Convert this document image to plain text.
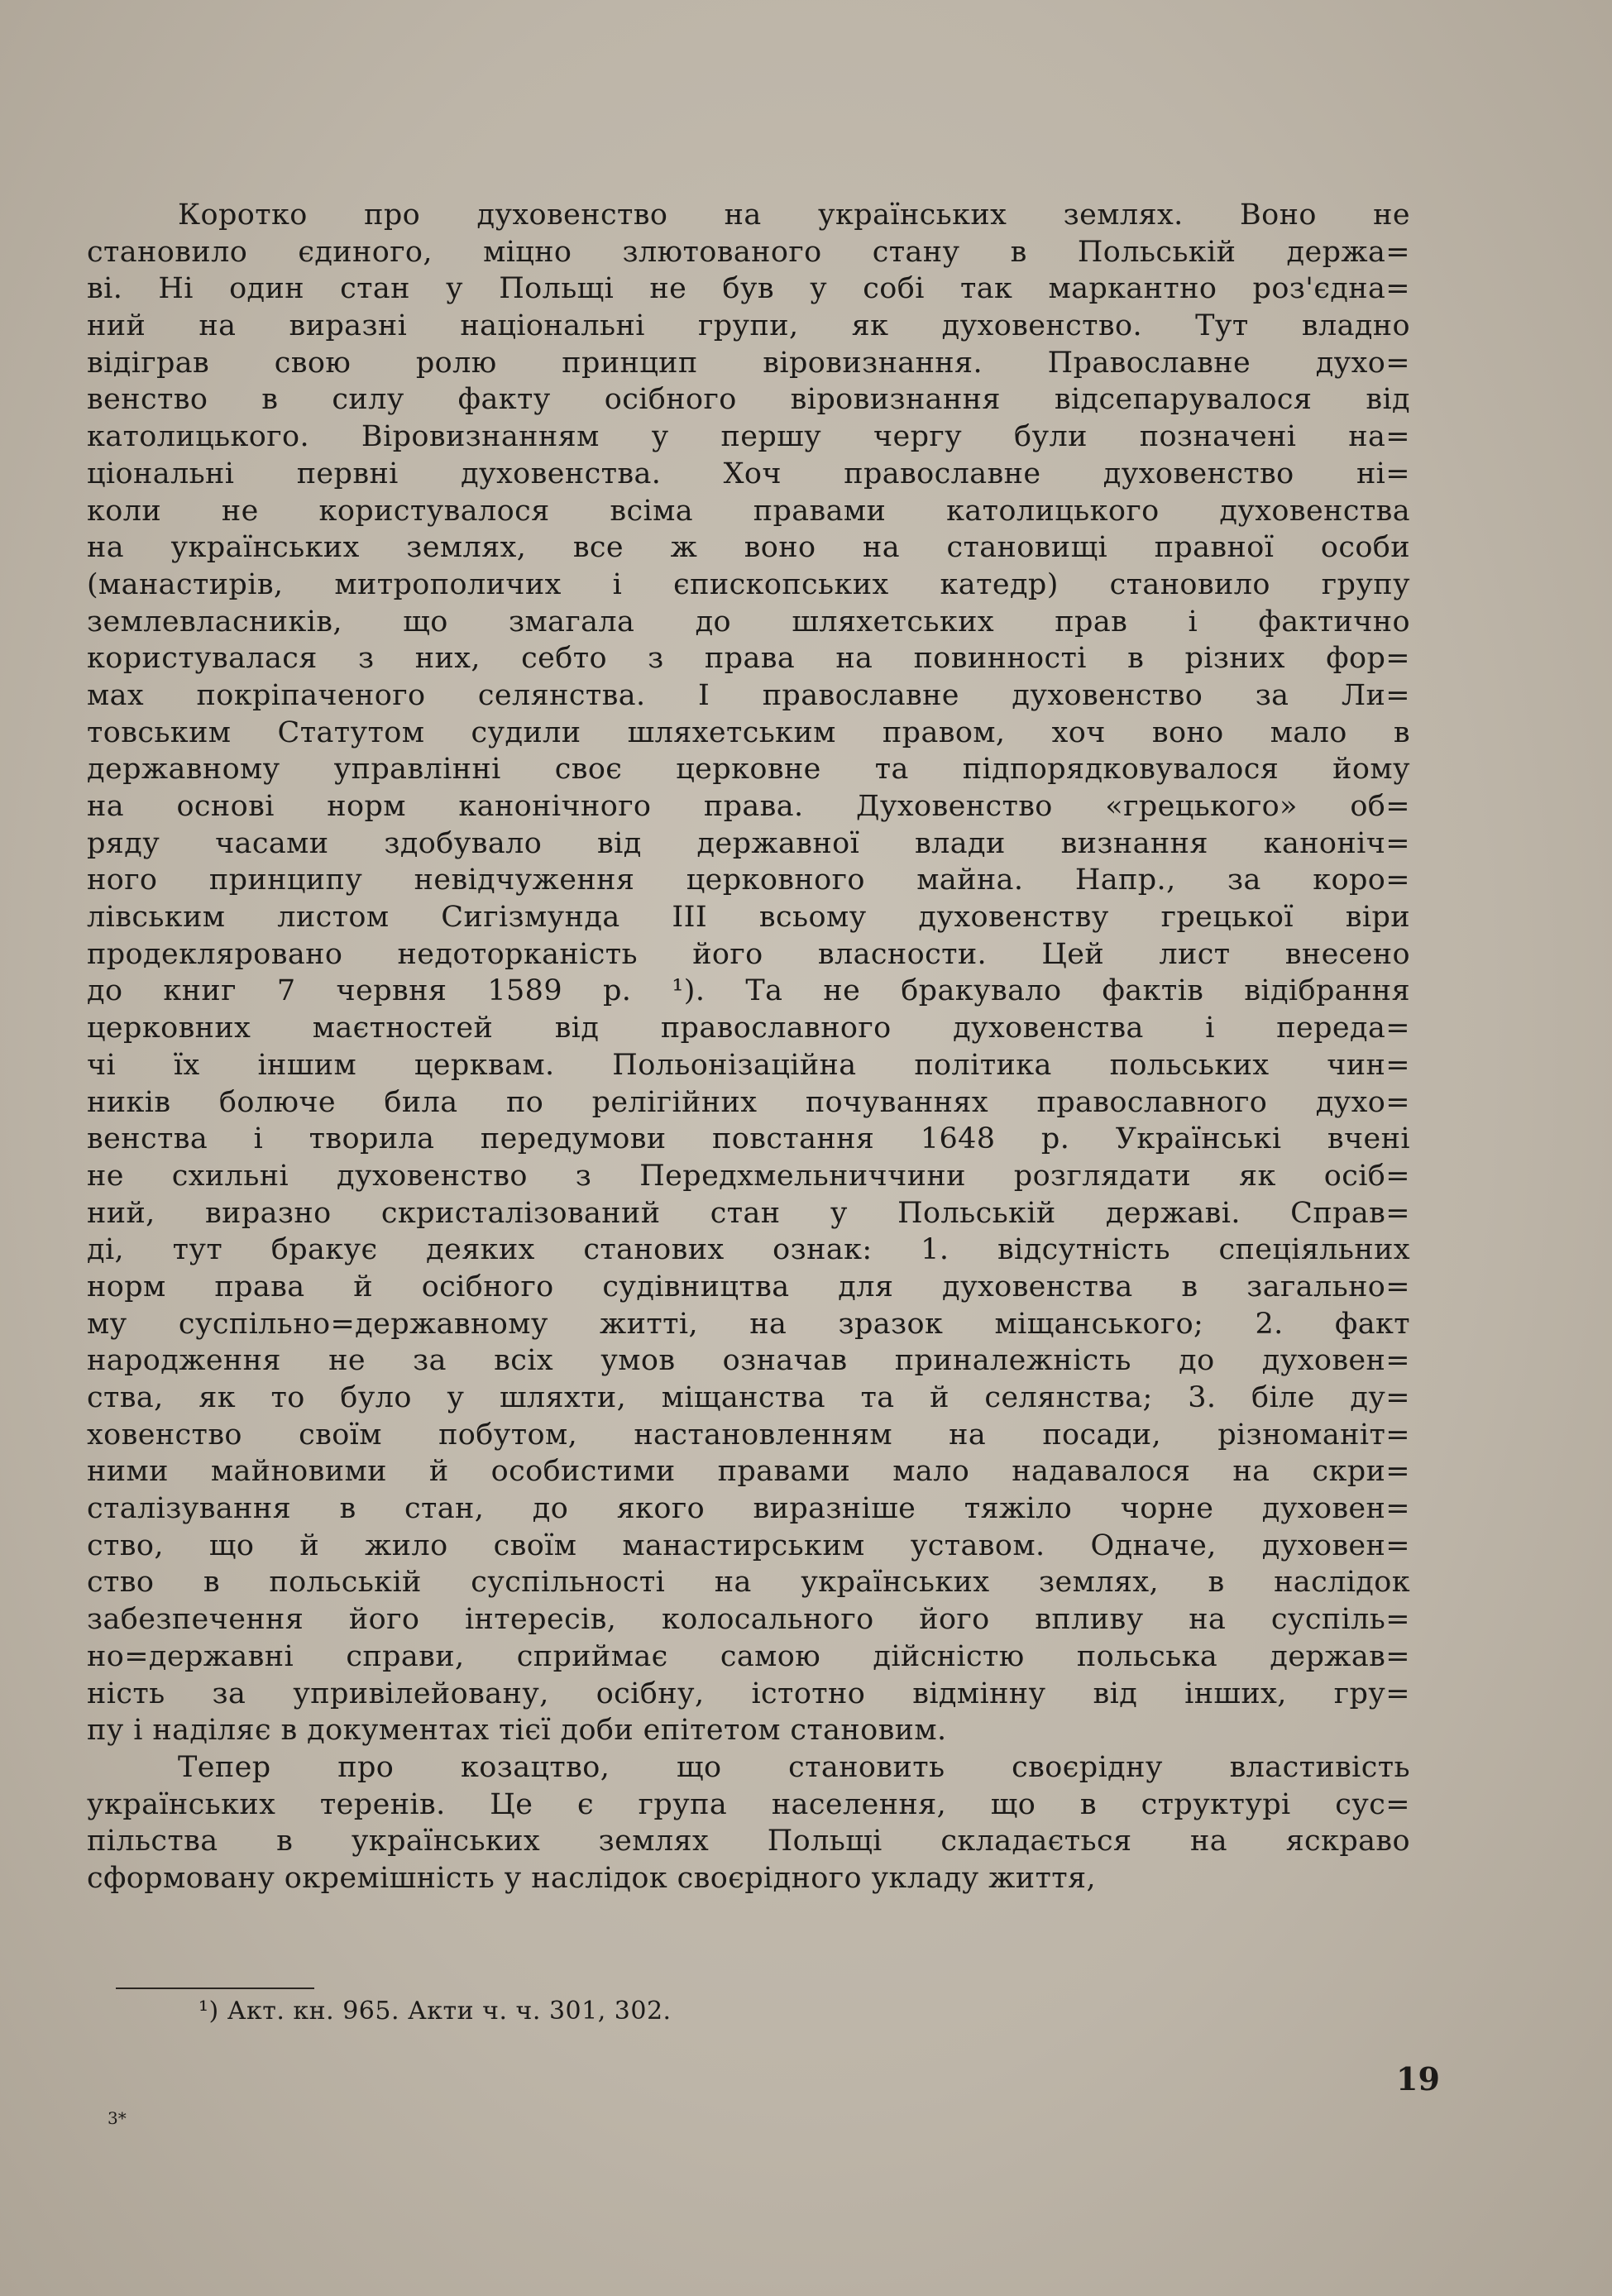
Коротко про духовенство на українських землях. Воно не
становило єдиного, міцно злютованого стану в Польській держа=
ві. Ні один стан у Польщі не був у собі так маркантно роз'єдна=
ний на виразні національні групи, як духовенство. Тут владно
відіграв свою ролю принцип віровизнання. Православне духо=
венство в силу факту осібного віровизнання відсепарувалося від
католицького. Віровизнанням у першу чергу були позначені на=
ціональні первні духовенства. Хоч православне духовенство ні=
коли не користувалося всіма правами католицького духовенства
на українських землях, все ж воно на становищі правної особи
(манастирів, митрополичих і єпископських катедр) становило групу
землевласників, що змагала до шляхетських прав і фактично
користувалася з них, себто з права на повинності в різних фор=
мах покріпаченого селянства. І православне духовенство за Ли=
товським Статутом судили шляхетським правом, хоч воно мало в
державному управлінні своє церковне та підпорядковувалося йому
на основі норм канонічного права. Духовенство «грецького» об=
ряду часами здобувало від державної влади визнання каноніч=
ного принципу невідчуження церковного майна. Напр., за коро=
лівським листом Сигізмунда III всьому духовенству грецької віри
продекляровано недоторканість його власности. Цей лист внесено
до книг 7 червня 1589 р. ¹). Та не бракувало фактів відібрання
церковних маєтностей від православного духовенства і переда=
чі їх іншим церквам. Польонізаційна політика польських чин=
ників болюче била по релігійних почуваннях православного духо=
венства і творила передумови повстання 1648 р. Українські вчені
не схильні духовенство з Передхмельниччини розглядати як осіб=
ний, виразно скристалізований стан у Польській державі. Справ=
ді, тут бракує деяких станових ознак: 1. відсутність спеціяльних
норм права й осібного судівництва для духовенства в загально=
му суспільно=державному житті, на зразок міщанського; 2. факт
народження не за всіх умов означав приналежність до духовен=
ства, як то було у шляхти, міщанства та й селянства; 3. біле ду=
ховенство своїм побутом, настановленням на посади, різноманіт=
ними майновими й особистими правами мало надавалося на скри=
сталізування в стан, до якого виразніше тяжіло чорне духовен=
ство, що й жило своїм манастирським уставом. Одначе, духовен=
ство в польській суспільності на українських землях, в наслідок
забезпечення його інтересів, колосального його впливу на суспіль=
но=державні справи, сприймає самою дійсністю польська держав=
ність за упривілейовану, осібну, істотно відмінну від інших, гру=
пу і наділяє в документах тієї доби епітетом становим.
Тепер про козацтво, що становить своєрідну властивість
українських теренів. Це є група населення, що в структурі сус=
пільства в українських землях Польщі складається на яскраво
сформовану окремішність у наслідок своєрідного укладу життя,
¹) Акт. кн. 965. Акти ч. ч. 301, 302.
19
3*
